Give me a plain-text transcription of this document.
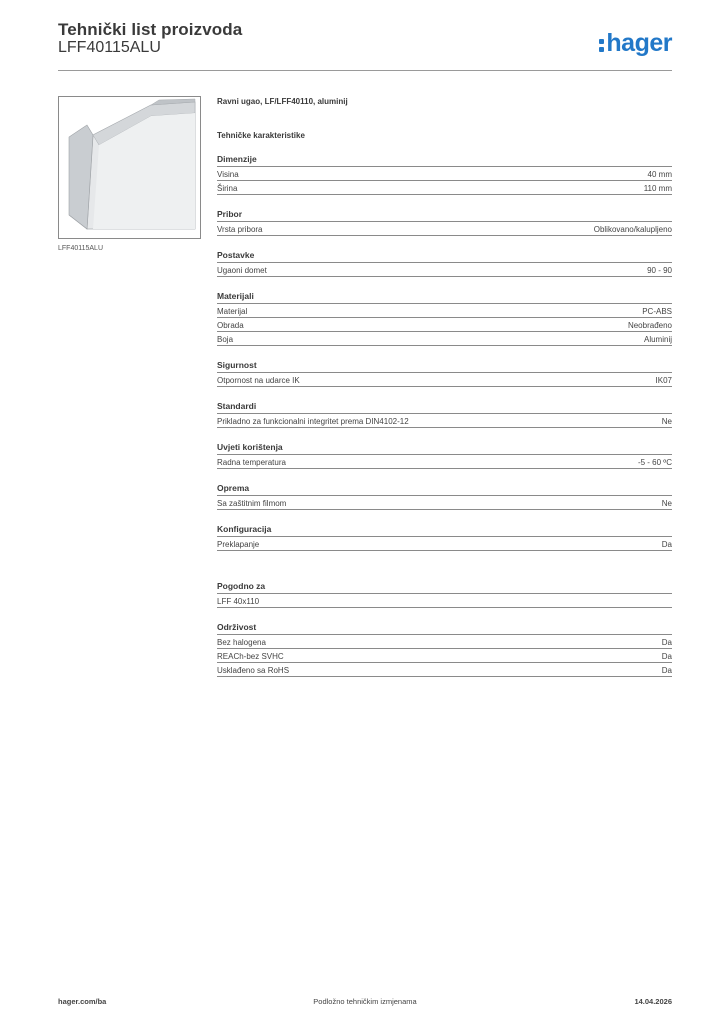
Tehnički list proizvoda
LFF40115ALU	hager
LFF40115ALU
Ravni ugao, LF/LFF40110, aluminij
Tehničke karakteristike
Dimenzije
Visina	40 mm
Širina	110 mm
Pribor
Vrsta pribora	Oblikovano/kalupljeno
Postavke
Ugaoni domet	90 - 90
Materijali
Materijal	PC-ABS
Obrada	Neobrađeno
Boja	Aluminij
Sigurnost
Otpornost na udarce IK	IK07
Standardi
Prikladno za funkcionalni integritet prema DIN4102-12	Ne
Uvjeti korištenja
Radna temperatura	-5 - 60 ºC
Oprema
Sa zaštitnim filmom	Ne
Konfiguracija
Preklapanje	Da
Pogodno za
LFF 40x110
Održivost
Bez halogena	Da
REACh-bez SVHC	Da
Usklađeno sa RoHS	Da
hager.com/ba	Podložno tehničkim izmjenama	14.04.2026
